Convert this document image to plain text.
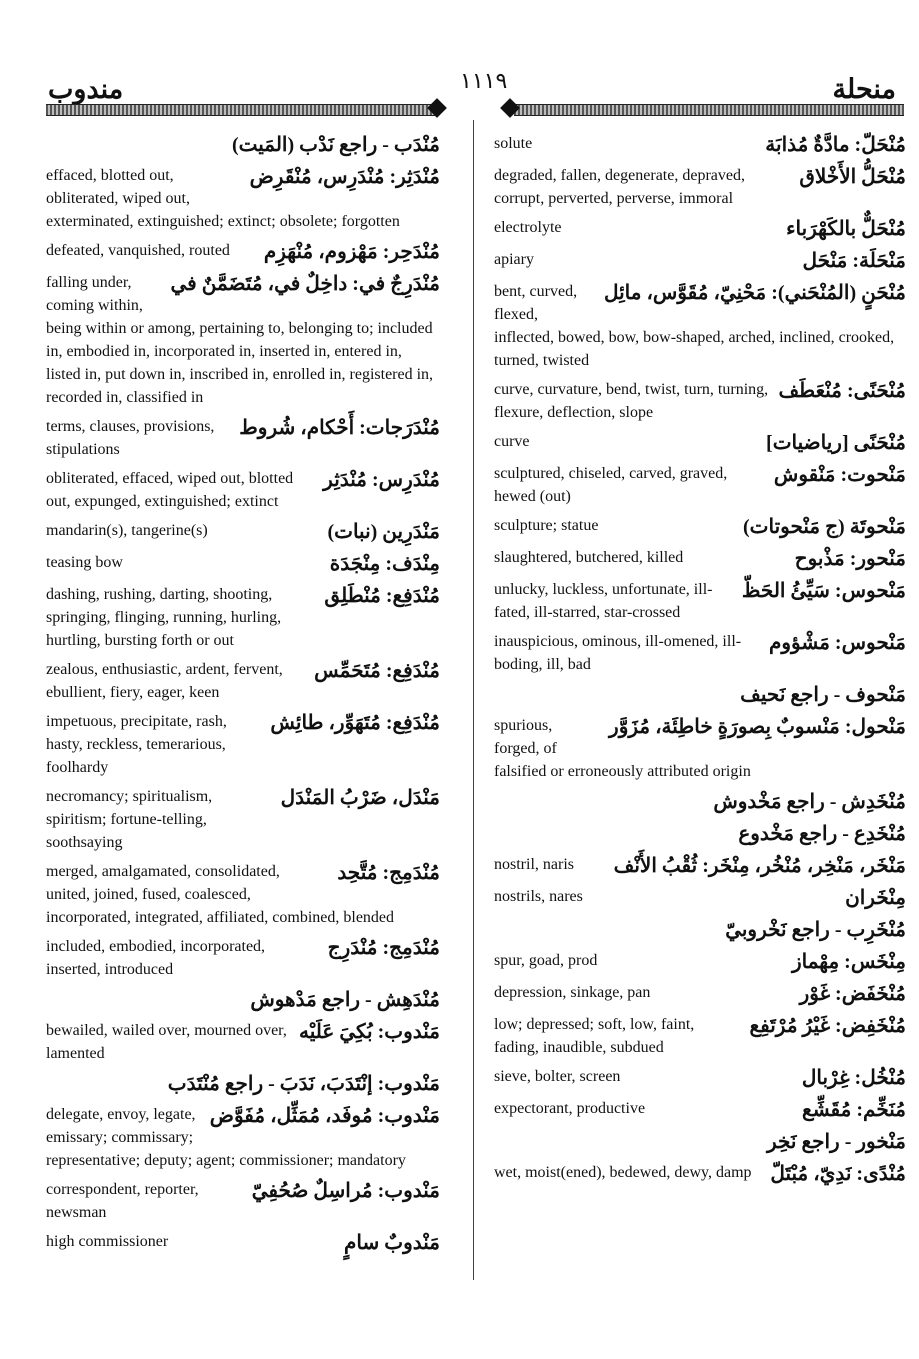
مندوب	١١١٩	منحلة
مُنْدَب - راجع نَدْب (المَيت)
مُنْدَثِر: مُنْدَرِس، مُنْقَرِض
effaced, blotted out, obliterated, wiped out, exterminated, extinguished; extinct; obsolete; forgotten
مُنْدَحِر: مَهْزوم، مُنْهَزِم
defeated, vanquished, routed
مُنْدَرِجٌ في: داخِلٌ في، مُتَضَمَّنٌ في
falling under, coming within, being within or among, pertaining to, belonging to; included in, embodied in, incorporated in, inserted in, entered in, listed in, put down in, inscribed in, enrolled in, registered in, recorded in, classified in
مُنْدَرَجات: أَحْكام، شُروط
terms, clauses, provisions, stipulations
مُنْدَرِس: مُنْدَثِر
obliterated, effaced, wiped out, blotted out, expunged, extinguished; extinct
مَنْدَرِين (نبات)
mandarin(s), tangerine(s)
مِنْدَف: مِنْجَدَة
teasing bow
مُنْدَفِع: مُنْطَلِق
dashing, rushing, darting, shooting, springing, flinging, running, hurling, hurtling, bursting forth or out
مُنْدَفِع: مُتَحَمِّس
zealous, enthusiastic, ardent, fervent, ebullient, fiery, eager, keen
مُنْدَفِع: مُتَهَوِّر، طائِش
impetuous, precipitate, rash, hasty, reckless, temerarious, foolhardy
مَنْدَل، ضَرْبُ المَنْدَل
necromancy; spiritualism, spiritism; fortune-telling, soothsaying
مُنْدَمِج: مُتَّحِد
merged, amalgamated, consolidated, united, joined, fused, coalesced, incorporated, integrated, affiliated, combined, blended
مُنْدَمِج: مُنْدَرِج
included, embodied, incorporated, inserted, introduced
مُنْدَهِش - راجع مَدْهوش
مَنْدوب: بُكِيَ عَلَيْه
bewailed, wailed over, mourned over, lamented
مَنْدوب: إنْتَدَبَ، نَدَبَ - راجع مُنْتَدَب
مَنْدوب: مُوفَد، مُمَثِّل، مُفَوَّض
delegate, envoy, legate, emissary; commissary; representative; deputy; agent; commissioner; mandatory
مَنْدوب: مُراسِلٌ صُحُفِيّ
correspondent, reporter, newsman
مَنْدوبٌ سامٍ
high commissioner
مُنْحَلّ: مادَّةٌ مُذابَة
solute
مُنْحَلُّ الأَخْلاق
degraded, fallen, degenerate, depraved, corrupt, perverted, perverse, immoral
مُنْحَلٌّ بالكَهْرَباء
electrolyte
مَنْحَلَة: مَنْحَل
apiary
مُنْحَنٍ (المُنْحَني): مَحْنِيّ، مُقَوَّس، مائِل
bent, curved, flexed, inflected, bowed, bow, bow-shaped, arched, inclined, crooked, turned, twisted
مُنْحَنًى: مُنْعَطَف
curve, curvature, bend, twist, turn, turning, flexure, deflection, slope
مُنْحَنًى [رياضيات]
curve
مَنْحوت: مَنْقوش
sculptured, chiseled, carved, graved, hewed (out)
مَنْحوتَة (ج مَنْحوتات)
sculpture; statue
مَنْحور: مَذْبوح
slaughtered, butchered, killed
مَنْحوس: سَيِّئُ الحَظّ
unlucky, luckless, unfortunate, ill-fated, ill-starred, star-crossed
مَنْحوس: مَشْؤوم
inauspicious, ominous, ill-omened, ill-boding, ill, bad
مَنْحوف - راجع نَحيف
مَنْحول: مَنْسوبٌ بِصورَةٍ خاطِئَة، مُزَوَّر
spurious, forged, of falsified or erroneously attributed origin
مُنْخَدِش - راجع مَخْدوش
مُنْخَدِع - راجع مَخْدوع
مَنْخَر، مَنْخِر، مُنْخُر، مِنْخَر: ثُقْبُ الأَنْف
nostril, naris
مِنْخَران
nostrils, nares
مُنْخَرِب - راجع نَخْروبيّ
مِنْخَس: مِهْماز
spur, goad, prod
مُنْخَفَض: غَوْر
depression, sinkage, pan
مُنْخَفِض: غَيْرُ مُرْتَفِع
low; depressed; soft, low, faint, fading, inaudible, subdued
مُنْخُل: غِرْبال
sieve, bolter, screen
مُنَخِّم: مُقَشِّع
expectorant, productive
مَنْخور - راجع نَخِر
مُنْدًى: نَدِيّ، مُبْتَلّ
wet, moist(ened), bedewed, dewy, damp
